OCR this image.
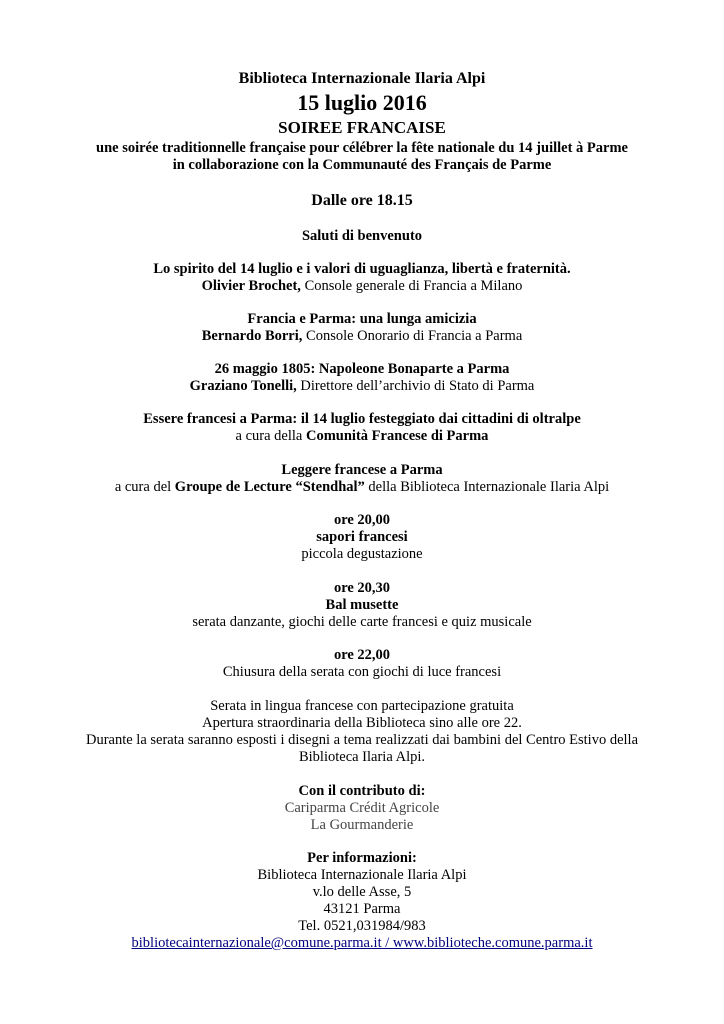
Biblioteca Internazionale Ilaria Alpi
15 luglio 2016
SOIREE FRANCAISE
une soirée traditionnelle française pour célébrer la fête nationale du 14 juillet à Parme
in collaborazione con la Communauté des Français de Parme
Dalle ore 18.15
Saluti di benvenuto
Lo spirito del 14 luglio e i valori di uguaglianza, libertà e fraternità.
Olivier Brochet, Console generale di Francia a Milano
Francia e Parma: una lunga amicizia
Bernardo Borri, Console Onorario di Francia a Parma
26 maggio 1805: Napoleone Bonaparte a Parma
Graziano Tonelli, Direttore dell’archivio di Stato di Parma
Essere francesi a Parma: il 14 luglio festeggiato dai cittadini di oltralpe
a cura della Comunità Francese di Parma
Leggere francese a Parma
a cura del Groupe de Lecture “Stendhal” della Biblioteca Internazionale Ilaria Alpi
ore 20,00
sapori francesi
piccola degustazione
ore 20,30
Bal musette
serata danzante, giochi delle carte francesi e quiz musicale
ore 22,00
Chiusura della serata con giochi di luce francesi
Serata in lingua francese con partecipazione gratuita
Apertura straordinaria della Biblioteca sino alle ore 22.
Durante la serata saranno esposti i disegni a tema realizzati dai bambini del Centro Estivo della
Biblioteca Ilaria Alpi.
Con il contributo di:
Cariparma Crédit Agricole
La Gourmanderie
Per informazioni:
Biblioteca Internazionale Ilaria Alpi
v.lo delle Asse, 5
43121 Parma
Tel. 0521,031984/983
bibliotecainternazionale@comune.parma.it / www.biblioteche.comune.parma.it
